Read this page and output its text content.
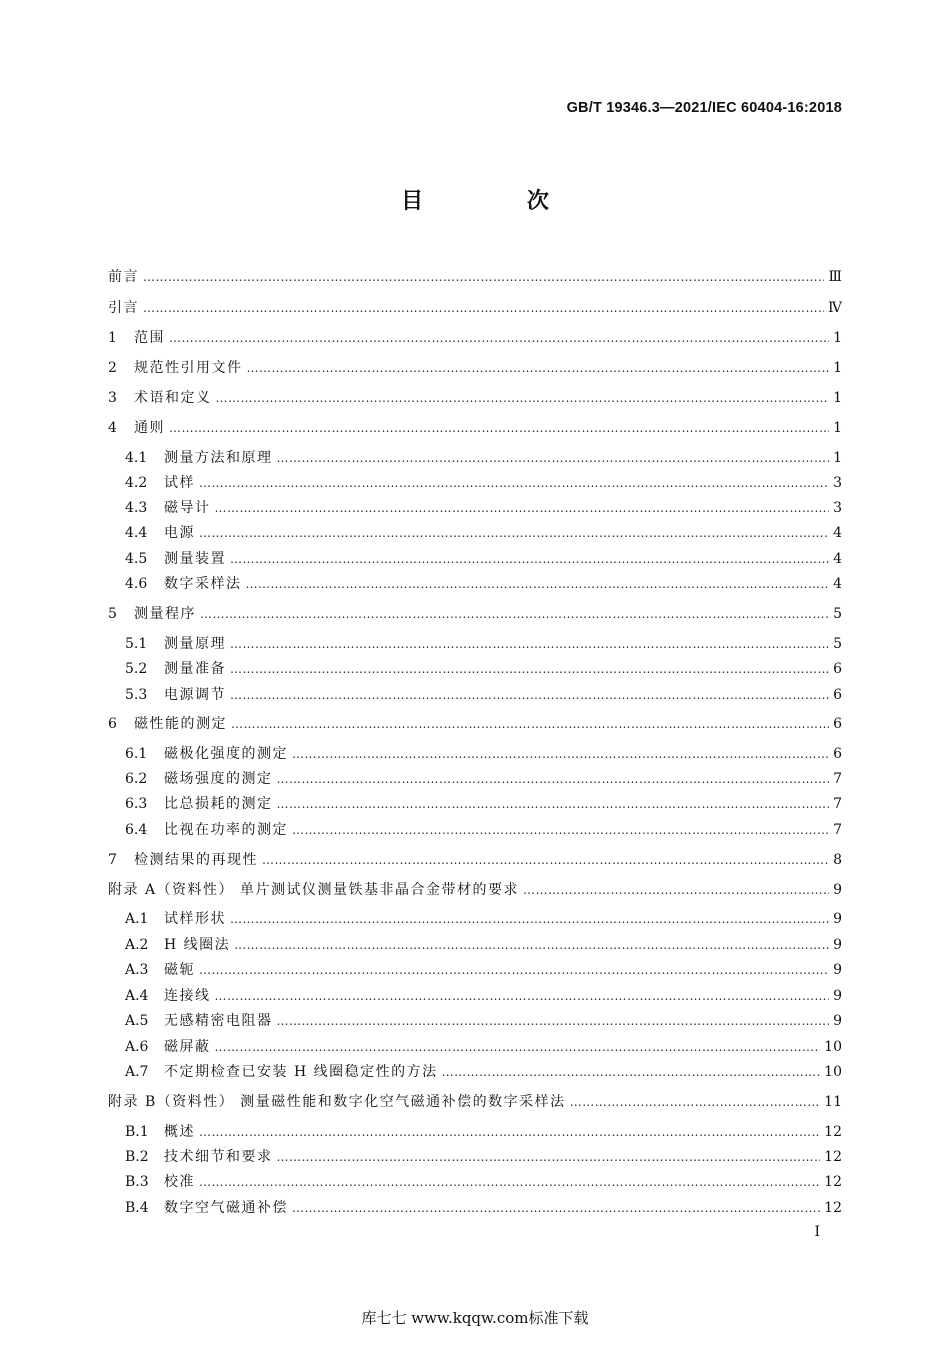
GB/T 19346.3—2021/IEC 60404-16:2018
目 次
前言 …………………………………………………………………………………………………………………………………………………………………………………………	Ⅲ
引言 …………………………………………………………………………………………………………………………………………………………………………………………	Ⅳ
1	范围 …………………………………………………………………………………………………………………………………………………………………………………………	1
2	规范性引用文件 …………………………………………………………………………………………………………………………………………………………………………………………	1
3	术语和定义 …………………………………………………………………………………………………………………………………………………………………………………………	1
4	通则 …………………………………………………………………………………………………………………………………………………………………………………………	1
4.1	测量方法和原理 …………………………………………………………………………………………………………………………………………………………………………………………	1
4.2	试样 …………………………………………………………………………………………………………………………………………………………………………………………	3
4.3	磁导计 …………………………………………………………………………………………………………………………………………………………………………………………	3
4.4	电源 …………………………………………………………………………………………………………………………………………………………………………………………	4
4.5	测量装置 …………………………………………………………………………………………………………………………………………………………………………………………	4
4.6	数字采样法 …………………………………………………………………………………………………………………………………………………………………………………………	4
5	测量程序 …………………………………………………………………………………………………………………………………………………………………………………………	5
5.1	测量原理 …………………………………………………………………………………………………………………………………………………………………………………………	5
5.2	测量准备 …………………………………………………………………………………………………………………………………………………………………………………………	6
5.3	电源调节 …………………………………………………………………………………………………………………………………………………………………………………………	6
6	磁性能的测定 …………………………………………………………………………………………………………………………………………………………………………………………	6
6.1	磁极化强度的测定 …………………………………………………………………………………………………………………………………………………………………………………………	6
6.2	磁场强度的测定 …………………………………………………………………………………………………………………………………………………………………………………………	7
6.3	比总损耗的测定 …………………………………………………………………………………………………………………………………………………………………………………………	7
6.4	比视在功率的测定 …………………………………………………………………………………………………………………………………………………………………………………………	7
7	检测结果的再现性 …………………………………………………………………………………………………………………………………………………………………………………………	8
附录 A（资料性） 单片测试仪测量铁基非晶合金带材的要求 …………………………………………………………………………………………………………………………………………………………………………………………	9
A.1	试样形状 …………………………………………………………………………………………………………………………………………………………………………………………	9
A.2	H 线圈法 …………………………………………………………………………………………………………………………………………………………………………………………	9
A.3	磁轭 …………………………………………………………………………………………………………………………………………………………………………………………	9
A.4	连接线 …………………………………………………………………………………………………………………………………………………………………………………………	9
A.5	无感精密电阻器 …………………………………………………………………………………………………………………………………………………………………………………………	9
A.6	磁屏蔽 …………………………………………………………………………………………………………………………………………………………………………………………	10
A.7	不定期检查已安装 H 线圈稳定性的方法 …………………………………………………………………………………………………………………………………………………………………………………………	10
附录 B（资料性） 测量磁性能和数字化空气磁通补偿的数字采样法 …………………………………………………………………………………………………………………………………………………………………………………………	11
B.1	概述 …………………………………………………………………………………………………………………………………………………………………………………………	12
B.2	技术细节和要求 …………………………………………………………………………………………………………………………………………………………………………………………	12
B.3	校准 …………………………………………………………………………………………………………………………………………………………………………………………	12
B.4	数字空气磁通补偿 …………………………………………………………………………………………………………………………………………………………………………………………	12
I
库七七 www.kqqw.com标准下载
